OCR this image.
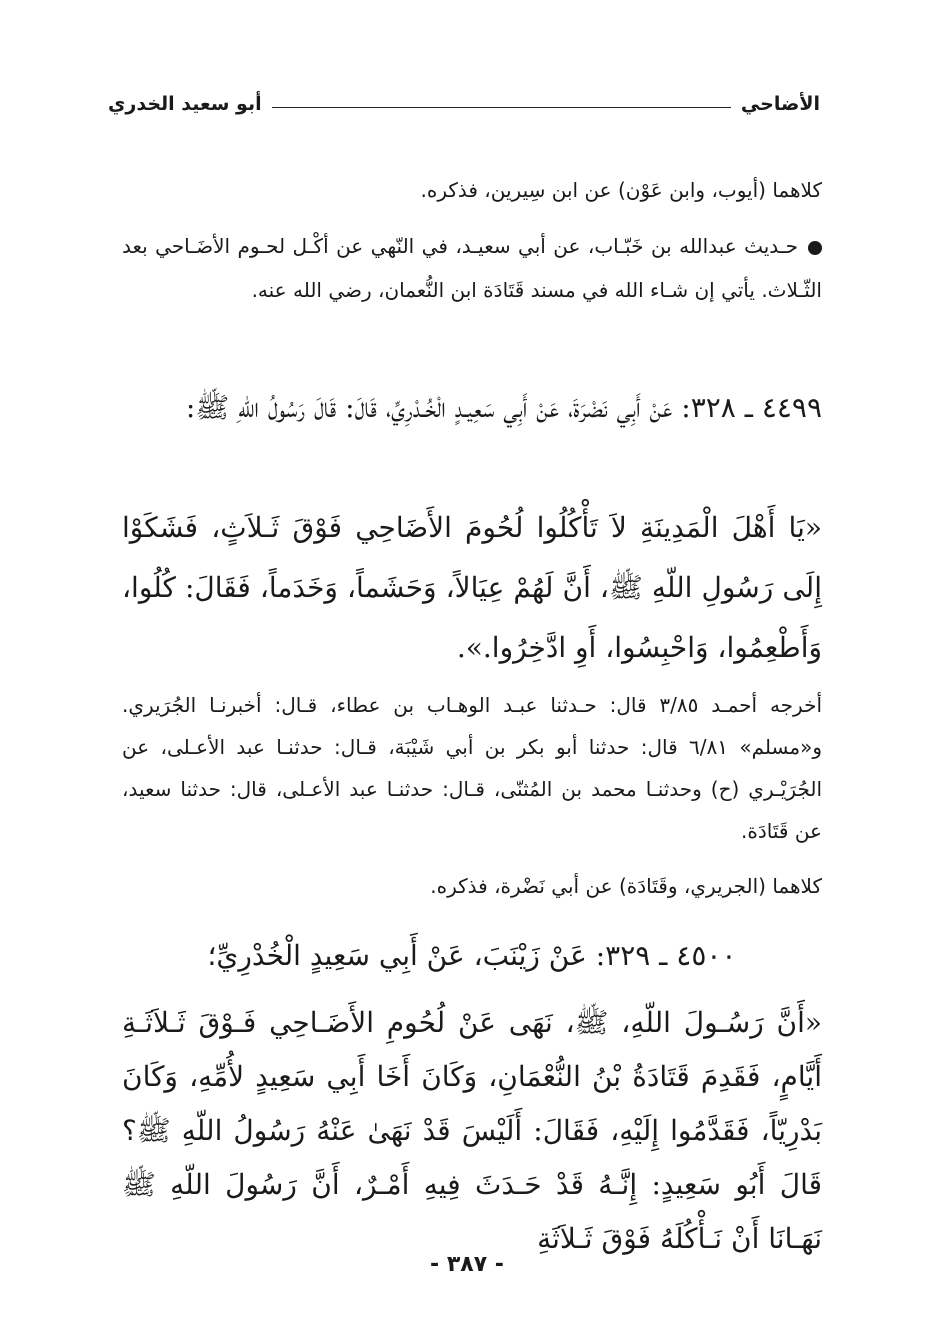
الأضاحي
أبو سعيد الخدري
كلاهما (أيوب، وابن عَوْن) عن ابن سِيرين، فذكره.
حـديث عبدالله بن خَبّـاب، عن أبي سعيـد، في النّهي عن أكْـل لحـوم الأضَـاحي بعد الثّـلاث. يأتي إن شـاء الله في مسند قَتَادَة ابن النُّعمان، رضي الله عنه.
٤٤٩٩ ـ ٣٢٨: عَنْ أَبِي نَضْرَةَ، عَنْ أَبِي سَعِيـدٍ الْخُـدْرِيِّ، قَالَ: قَالَ رَسُولُ اللّهِ ﷺ:
«يَا أَهْلَ الْمَدِينَةِ لاَ تَأْكُلُوا لُحُومَ الأَضَاحِي فَوْقَ ثَـلاَثٍ، فَشَكَوْا إِلَى رَسُولِ اللّهِ ﷺ، أَنَّ لَهُمْ عِيَالاً، وَحَشَماً، وَخَدَماً، فَقَالَ: كُلُوا، وَأَطْعِمُوا، وَاحْبِسُوا، أَوِ ادَّخِرُوا.».
أخرجه أحمـد ٣/٨٥ قال: حـدثنا عبـد الوهـاب بن عطاء، قـال: أخبرنـا الجُرَيري. و«مسلم» ٦/٨١ قال: حدثنا أبو بكر بن أبي شَيْبَة، قـال: حدثنـا عبد الأعـلى، عن الجُرَيْـري (ح) وحدثنـا محمد بن المُثنّى، قـال: حدثنـا عبد الأعـلى، قال: حدثنا سعيد، عن قَتَادَة.
كلاهما (الجريري، وقَتَادَة) عن أبي نَضْرة، فذكره.
٤٥٠٠ ـ ٣٢٩: عَنْ زَيْنَبَ، عَنْ أَبِي سَعِيدٍ الْخُدْرِيِّ؛
«أَنَّ رَسُـولَ اللّهِ، ﷺ، نَهَى عَنْ لُحُومِ الأَضَـاحِي فَـوْقَ ثَـلاَثَـةِ أَيَّامٍ، فَقَدِمَ قَتَادَةُ بْنُ النُّعْمَانِ، وَكَانَ أَخَا أَبِي سَعِيدٍ لأُمِّهِ، وَكَانَ بَدْرِيّاً، فَقَدَّمُوا إِلَيْهِ، فَقَالَ: أَلَيْسَ قَدْ نَهَىٰ عَنْهُ رَسُولُ اللّهِ ﷺ؟ قَالَ أَبُو سَعِيدٍ: إِنَّـهُ قَدْ حَـدَثَ فِيهِ أَمْـرٌ، أَنَّ رَسُولَ اللّهِ ﷺ نَهَـانَا أَنْ نَـأْكُلَهُ فَوْقَ ثَـلاَثَةِ
- ٣٨٧ -
